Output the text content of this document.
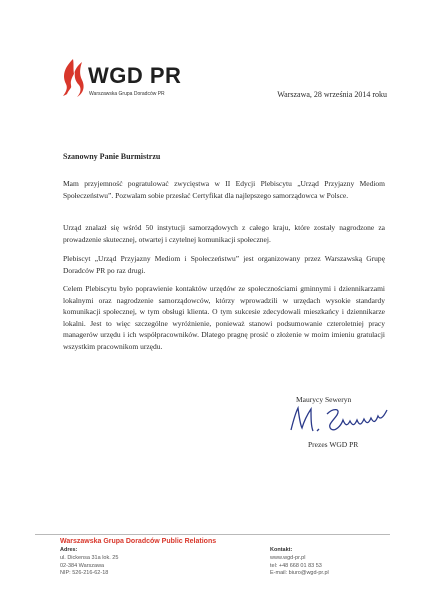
WGD PR
Warszawska Grupa Doradców PR	Warszawa, 28 września 2014 roku
Szanowny Panie Burmistrzu

Mam przyjemność pogratulować zwycięstwa w II Edycji Plebiscytu „Urząd Przyjazny Mediom Społeczeństwu”. Pozwalam sobie przesłać Certyfikat dla najlepszego samorządowca w Polsce.

Urząd znalazł się wśród 50 instytucji samorządowych z całego kraju, które zostały nagrodzone za prowadzenie skutecznej, otwartej i czytelnej komunikacji społecznej.

Plebiscyt „Urząd Przyjazny Mediom i Społeczeństwu” jest organizowany przez Warszawską Grupę Doradców PR po raz drugi.

Celem Plebiscytu było poprawienie kontaktów urzędów ze społecznościami gminnymi i dziennikarzami lokalnymi oraz nagrodzenie samorządowców, którzy wprowadzili w urzędach wysokie standardy komunikacji społecznej, w tym obsługi klienta. O tym sukcesie zdecydowali mieszkańcy i dziennikarze lokalni. Jest to więc szczególne wyróżnienie, ponieważ stanowi podsumowanie czteroletniej pracy managerów urzędu i ich współpracowników. Dlatego pragnę prosić o złożenie w moim imieniu gratulacji wszystkim pracownikom urzędu.

Maurycy Seweryn
Prezes WGD PR
Warszawska Grupa Doradców Public Relations
Adres:
ul. Dickensa 31a lok. 25
02-384 Warszawa
NIP: 526-216-62-18
Kontakt:
www.wgd-pr.pl
tel: +48 668 01 83 53
E-mail: biuro@wgd-pr.pl
